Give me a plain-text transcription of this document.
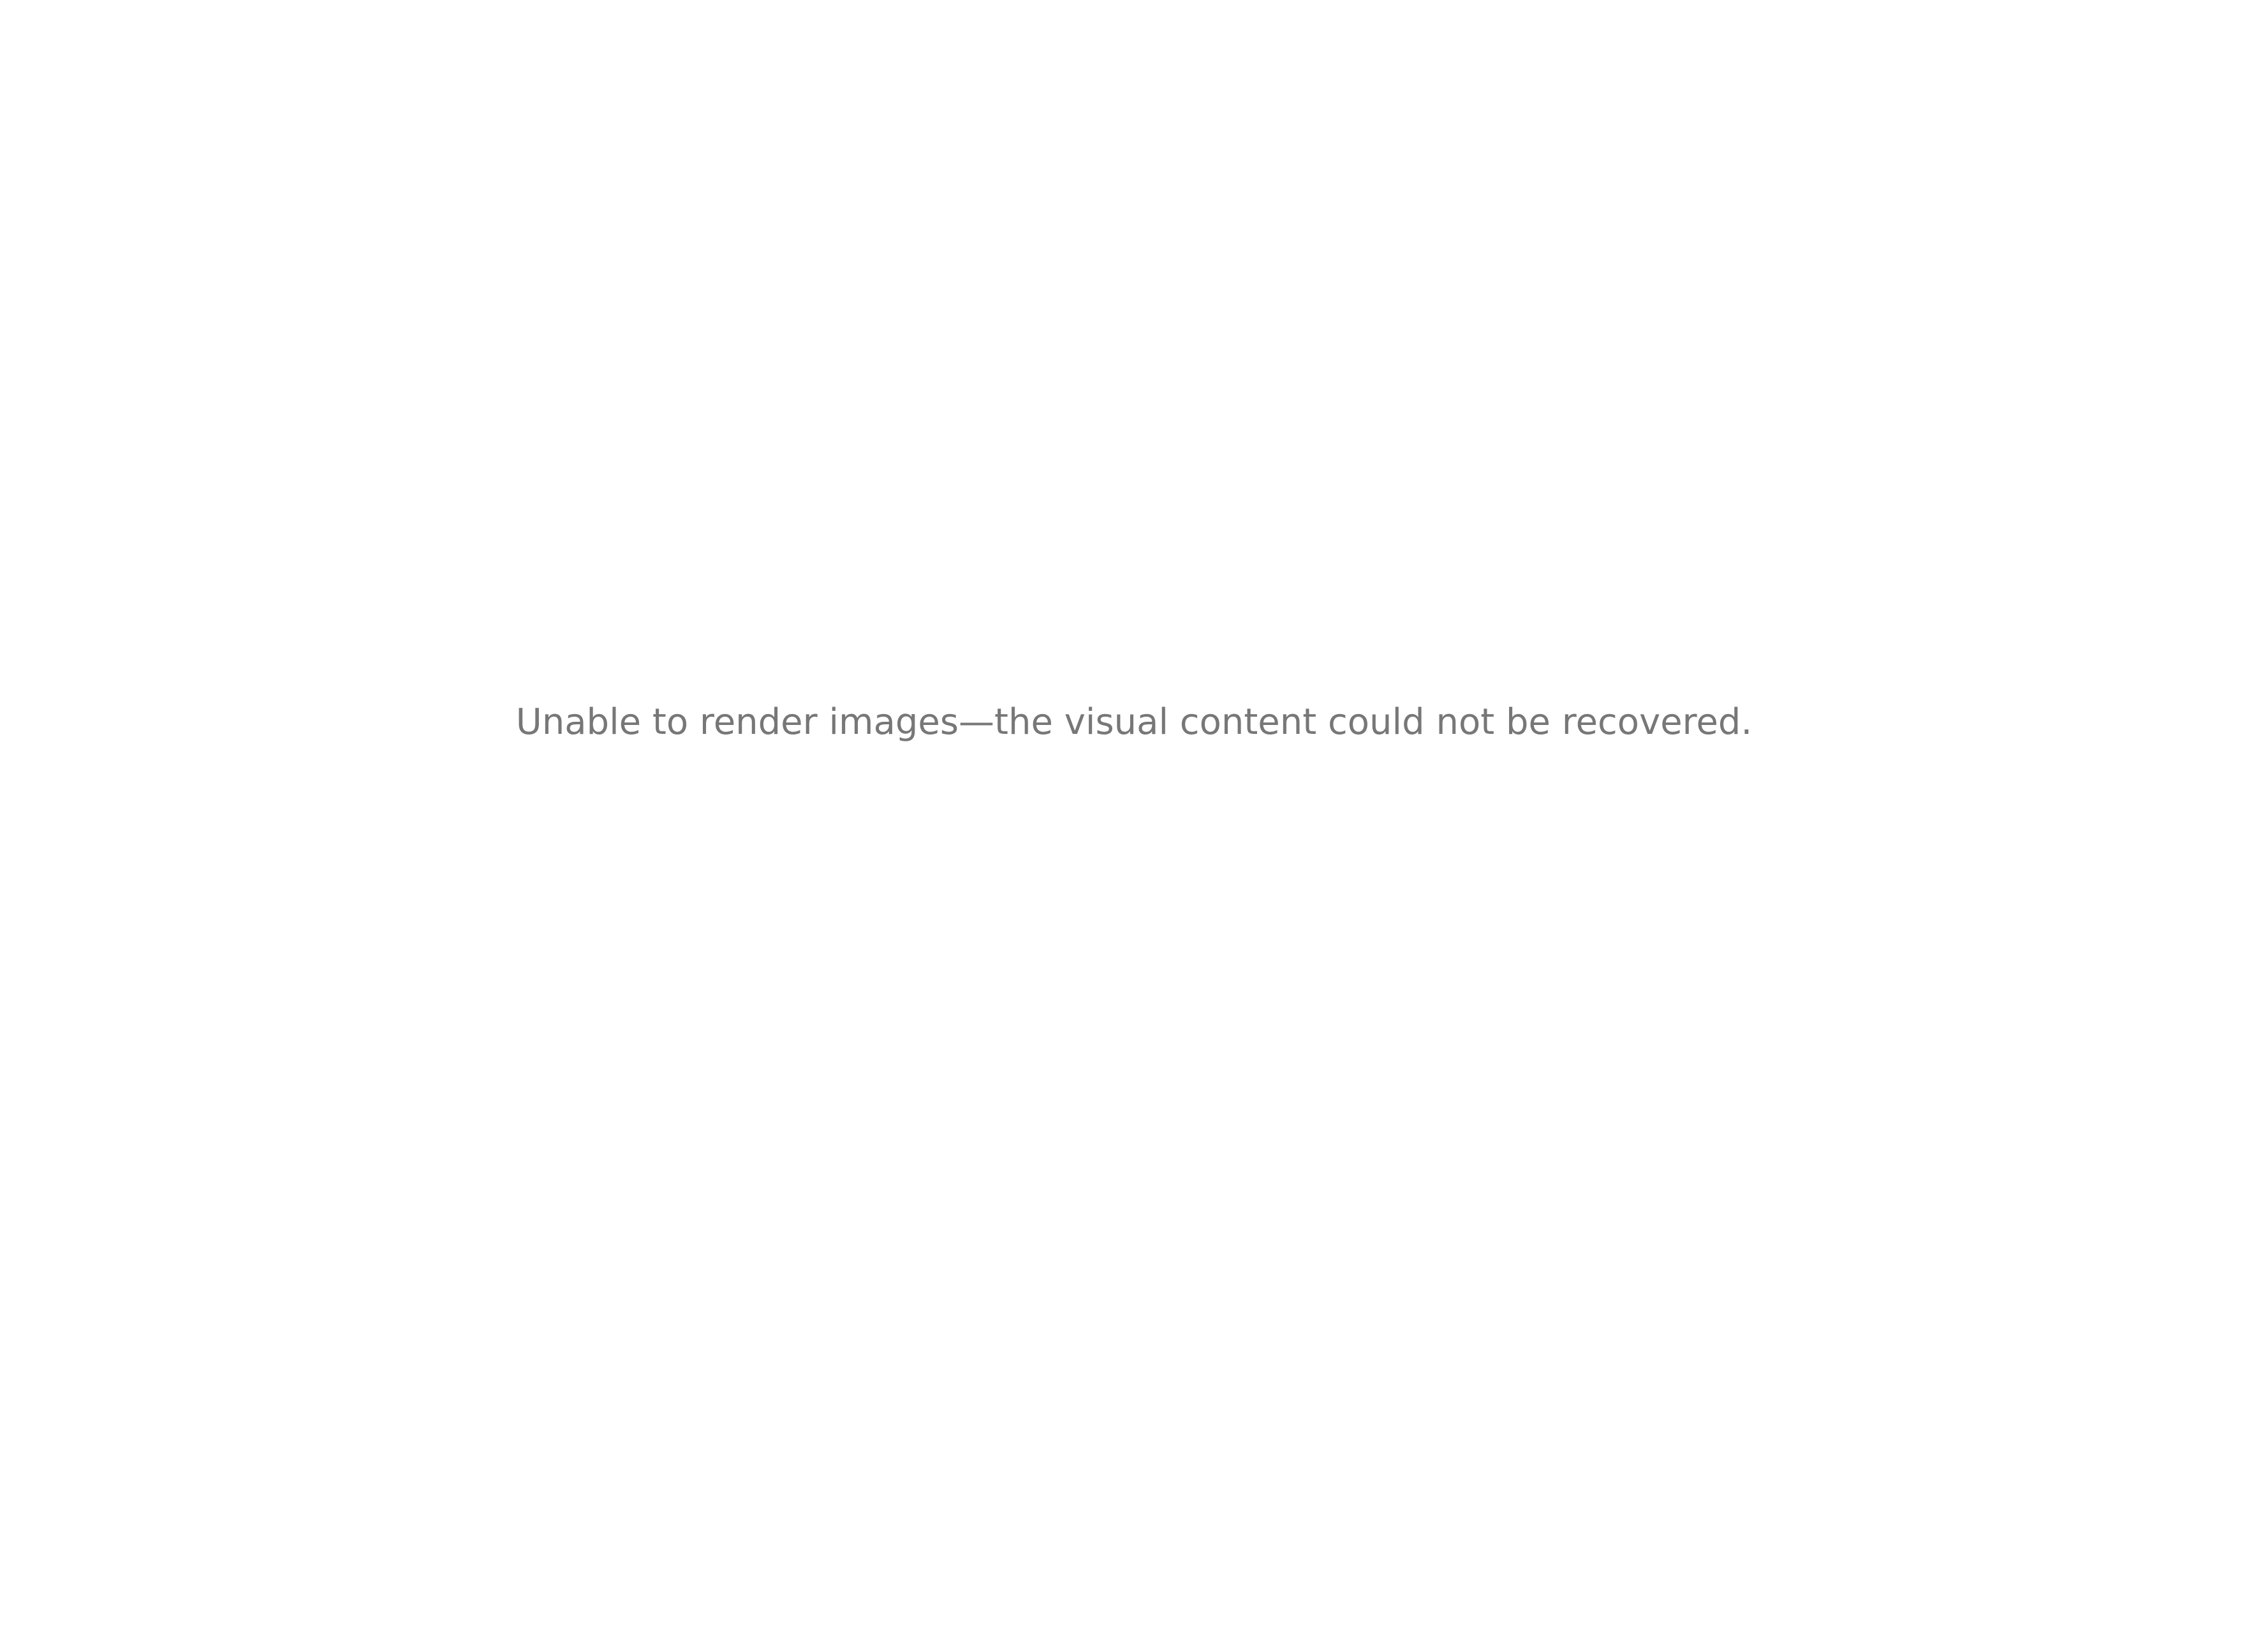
Unable to render images—the visual content could not be recovered.
